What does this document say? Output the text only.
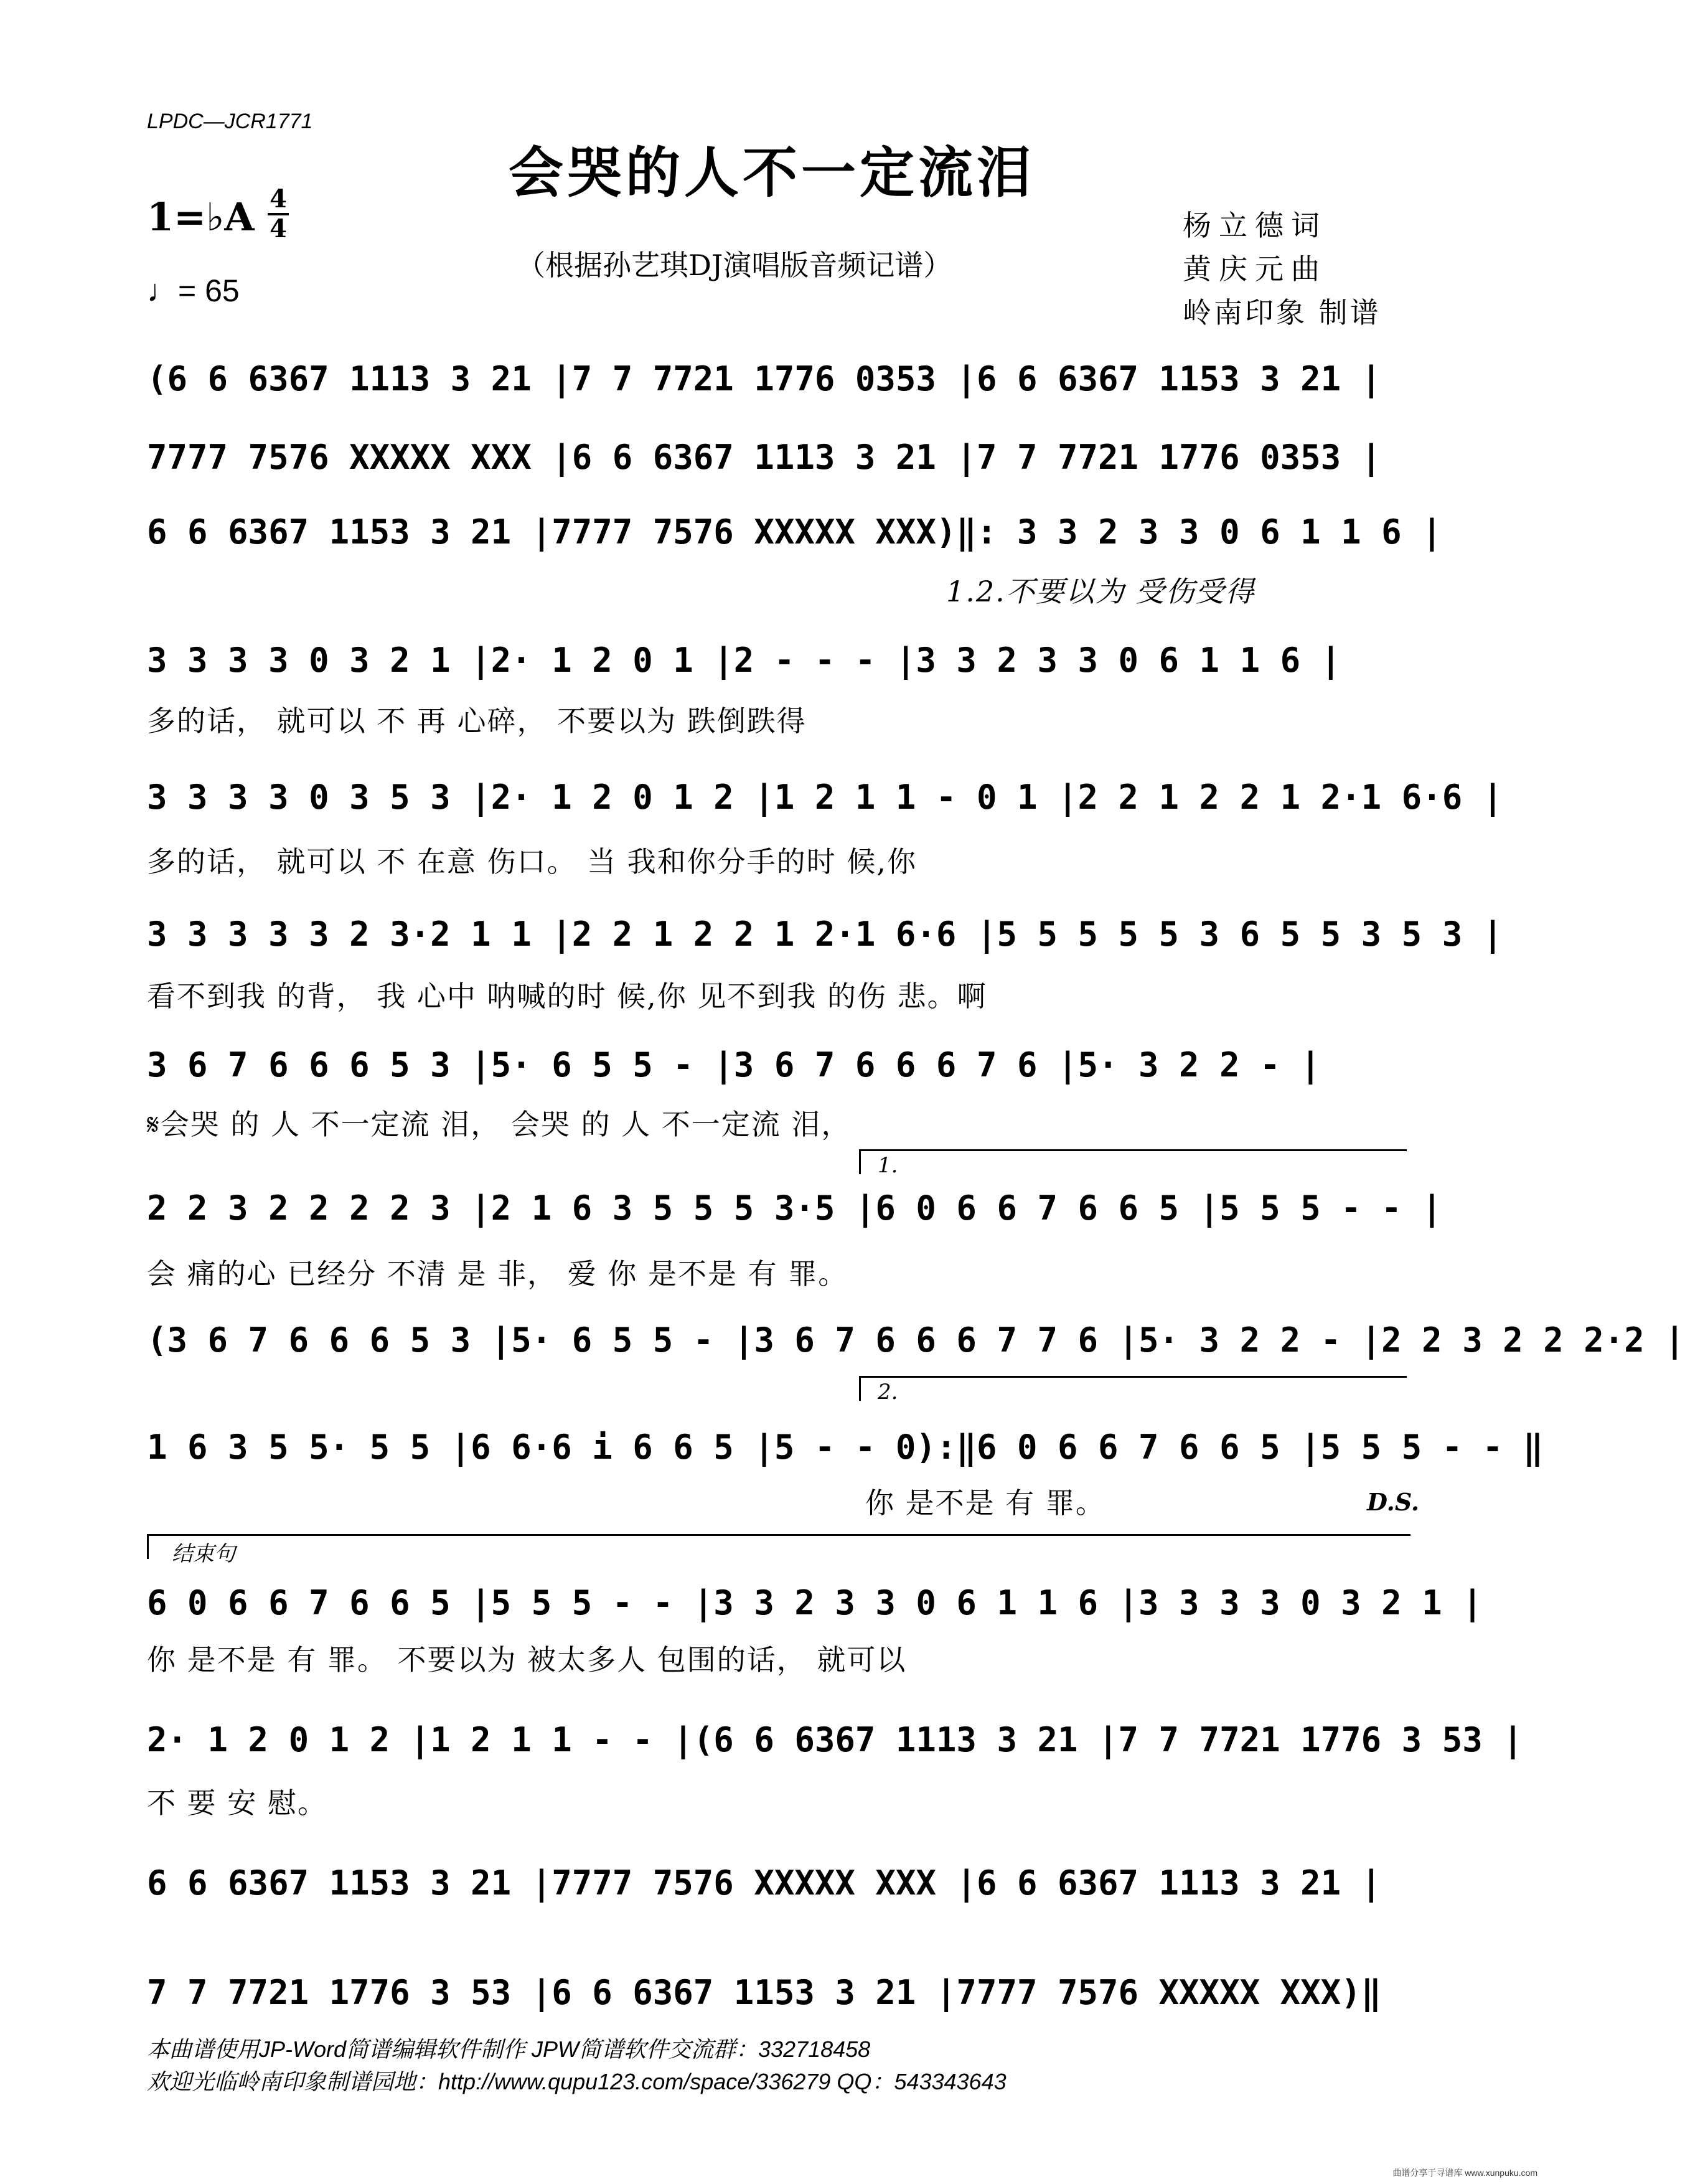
LPDC—JCR1771
会哭的人不一定流泪
1=♭A 4
4
♩= 65
（根据孙艺琪DJ演唱版音频记谱）
杨立德词
黄庆元曲
岭南印象 制谱
(6 6 6367 1113 3 21 |7 7 7721 1776 0353 |6 6 6367 1153 3 21 |
7777 7576 XXXXX XXX |6 6 6367 1113 3 21 |7 7 7721 1776 0353 |
6 6 6367 1153 3 21 |7777 7576 XXXXX XXX)‖: 3 3 2 3 3 0 6 1 1 6 |
1.2.不要以为 受伤受得
3 3 3 3 0 3 2 1 |2· 1 2 0 1 |2 - - - |3 3 2 3 3 0 6 1 1 6 |
多的话， 就可以 不 再 心碎， 不要以为 跌倒跌得
3 3 3 3 0 3 5 3 |2· 1 2 0 1 2 |1 2 1 1 - 0 1 |2 2 1 2 2 1 2·1 6·6 |
多的话， 就可以 不 在意 伤口。 当 我和你分手的时 候,你
3 3 3 3 3 2 3·2 1 1 |2 2 1 2 2 1 2·1 6·6 |5 5 5 5 5 3 6 5 5 3 5 3 |
看不到我 的背， 我 心中 呐喊的时 候,你 见不到我 的伤 悲。啊
3 6 7 6 6 6 5 3 |5· 6 5 5 - |3 6 7 6 6 6 7 6 |5· 3 2 2 - |
𝄋会哭 的 人 不一定流 泪， 会哭 的 人 不一定流 泪，
1.
2 2 3 2 2 2 2 3 |2 1 6 3 5 5 5 3·5 |6 0 6 6 7 6 6 5 |5 5 5 - - |
会 痛的心 已经分 不清 是 非， 爱 你 是不是 有 罪。
(3 6 7 6 6 6 5 3 |5· 6 5 5 - |3 6 7 6 6 6 7 7 6 |5· 3 2 2 - |2 2 3 2 2 2·2 |
2.
1 6 3 5 5· 5 5 |6 6·6 i 6 6 5 |5 - - 0):‖6 0 6 6 7 6 6 5 |5 5 5 - - ‖
你 是不是 有 罪。	D.S.
结束句
6 0 6 6 7 6 6 5 |5 5 5 - - |3 3 2 3 3 0 6 1 1 6 |3 3 3 3 0 3 2 1 |
你 是不是 有 罪。 不要以为 被太多人 包围的话， 就可以
2· 1 2 0 1 2 |1 2 1 1 - - |(6 6 6367 1113 3 21 |7 7 7721 1776 3 53 |
不 要 安 慰。
6 6 6367 1153 3 21 |7777 7576 XXXXX XXX |6 6 6367 1113 3 21 |
7 7 7721 1776 3 53 |6 6 6367 1153 3 21 |7777 7576 XXXXX XXX)‖
本曲谱使用JP-Word简谱编辑软件制作 JPW简谱软件交流群：332718458
欢迎光临岭南印象制谱园地：http://www.qupu123.com/space/336279 QQ：543343643
曲谱分享于寻谱库 www.xunpuku.com
